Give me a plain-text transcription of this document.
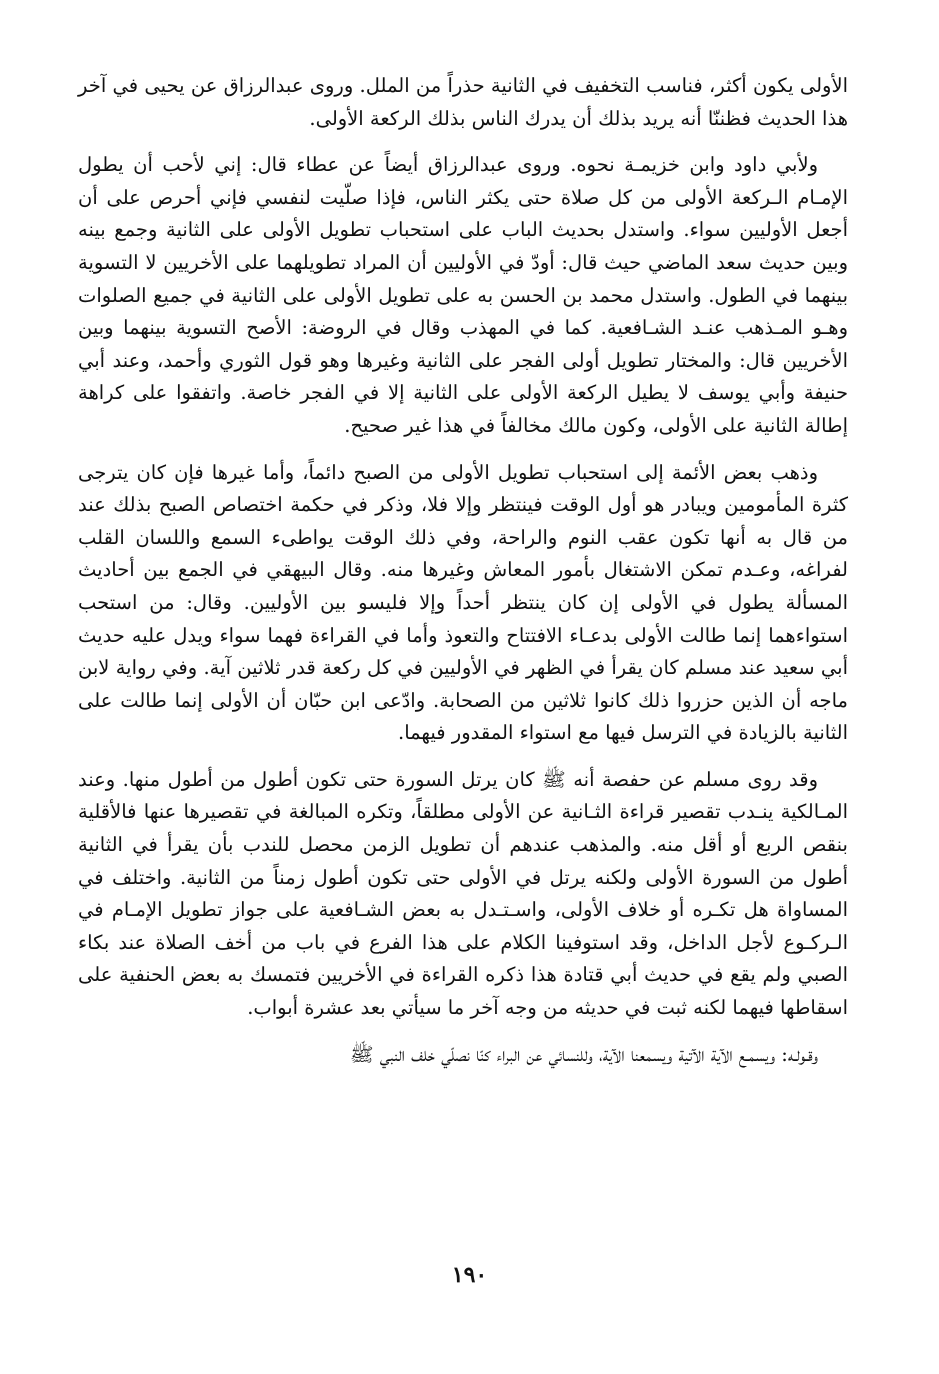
الأولى يكون أكثر، فناسب التخفيف في الثانية حذراً من الملل. وروى عبدالرزاق عن يحيى في آخر هذا الحديث فظننّا أنه يريد بذلك أن يدرك الناس بذلك الركعة الأولى.

ولأبي داود وابن خزيمـة نحوه. وروى عبدالرزاق أيضاً عن عطاء قال: إني لأحب أن يطول الإمـام الـركعة الأولى من كل صلاة حتى يكثر الناس، فإذا صلّيت لنفسي فإني أحرص على أن أجعل الأوليين سواء. واستدل بحديث الباب على استحباب تطويل الأولى على الثانية وجمع بينه وبين حديث سعد الماضي حيث قال: أودّ في الأوليين أن المراد تطويلهما على الأخريين لا التسوية بينهما في الطول. واستدل محمد بن الحسن به على تطويل الأولى على الثانية في جميع الصلوات وهـو المـذهب عنـد الشـافعية. كما في المهذب وقال في الروضة: الأصح التسوية بينهما وبين الأخريين قال: والمختار تطويل أولى الفجر على الثانية وغيرها وهو قول الثوري وأحمد، وعند أبي حنيفة وأبي يوسف لا يطيل الركعة الأولى على الثانية إلا في الفجر خاصة. واتفقوا على كراهة إطالة الثانية على الأولى، وكون مالك مخالفاً في هذا غير صحيح.

وذهب بعض الأئمة إلى استحباب تطويل الأولى من الصبح دائماً، وأما غيرها فإن كان يترجى كثرة المأمومين ويبادر هو أول الوقت فينتظر وإلا فلا، وذكر في حكمة اختصاص الصبح بذلك عند من قال به أنها تكون عقب النوم والراحة، وفي ذلك الوقت يواطىء السمع واللسان القلب لفراغه، وعـدم تمكن الاشتغال بأمور المعاش وغيرها منه. وقال البيهقي في الجمع بين أحاديث المسألة يطول في الأولى إن كان ينتظر أحداً وإلا فليسو بين الأوليين. وقال: من استحب استواءهما إنما طالت الأولى بدعـاء الافتتاح والتعوذ وأما في القراءة فهما سواء ويدل عليه حديث أبي سعيد عند مسلم كان يقرأ في الظهر في الأوليين في كل ركعة قدر ثلاثين آية. وفي رواية لابن ماجه أن الذين حزروا ذلك كانوا ثلاثين من الصحابة. وادّعى ابن حبّان أن الأولى إنما طالت على الثانية بالزيادة في الترسل فيها مع استواء المقدور فيهما.

وقد روى مسلم عن حفصة أنه ﷺ كان يرتل السورة حتى تكون أطول من أطول منها. وعند المـالكية ينـدب تقصير قراءة الثـانية عن الأولى مطلقاً، وتكره المبالغة في تقصيرها عنها فالأقلية بنقص الربع أو أقل منه. والمذهب عندهم أن تطويل الزمن محصل للندب بأن يقرأ في الثانية أطول من السورة الأولى ولكنه يرتل في الأولى حتى تكون أطول زمناً من الثانية. واختلف في المساواة هل تكـره أو خلاف الأولى، واسـتـدل به بعض الشـافعية على جواز تطويل الإمـام في الـركـوع لأجل الداخل، وقد استوفينا الكلام على هذا الفرع في باب من أخف الصلاة عند بكاء الصبي ولم يقع في حديث أبي قتادة هذا ذكره القراءة في الأخريين فتمسك به بعض الحنفية على اسقاطها فيهما لكنه ثبت في حديثه من وجه آخر ما سيأتي بعد عشرة أبواب.

وقـولـه: ويسمـع الآية الآتية ويسمعنا الآية، وللنسائي عن البراء كنّا نصلّي خلف النبي ﷺ

١٩٠
